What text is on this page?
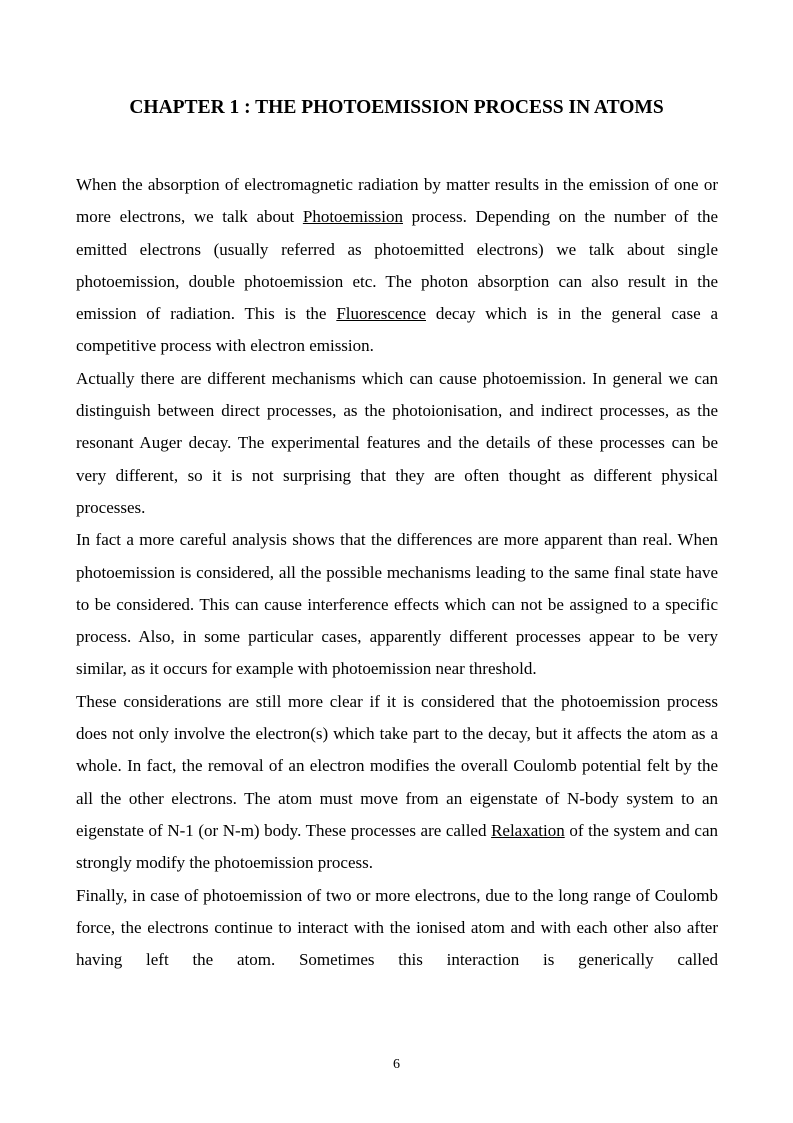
CHAPTER 1 : THE PHOTOEMISSION PROCESS IN ATOMS

When the absorption of electromagnetic radiation by matter results in the emission of one or more electrons, we talk about Photoemission process. Depending on the number of the emitted electrons (usually referred as photoemitted electrons) we talk about single photoemission, double photoemission etc. The photon absorption can also result in the emission of radiation. This is the Fluorescence decay which is in the general case a competitive process with electron emission.

Actually there are different mechanisms which can cause photoemission. In general we can distinguish between direct processes, as the photoionisation, and indirect processes, as the resonant Auger decay. The experimental features and the details of these processes can be very different, so it is not surprising that they are often thought as different physical processes.

In fact a more careful analysis shows that the differences are more apparent than real. When photoemission is considered, all the possible mechanisms leading to the same final state have to be considered. This can cause interference effects which can not be assigned to a specific process. Also, in some particular cases, apparently different processes appear to be very similar, as it occurs for example with photoemission near threshold.

These considerations are still more clear if it is considered that the photoemission process does not only involve the electron(s) which take part to the decay, but it affects the atom as a whole. In fact, the removal of an electron modifies the overall Coulomb potential felt by the all the other electrons. The atom must move from an eigenstate of N-body system to an eigenstate of N-1 (or N-m) body. These processes are called Relaxation of the system and can strongly modify the photoemission process.

Finally, in case of photoemission of two or more electrons, due to the long range of Coulomb force, the electrons continue to interact with the ionised atom and with each other also after having left the atom. Sometimes this interaction is generically called

6
